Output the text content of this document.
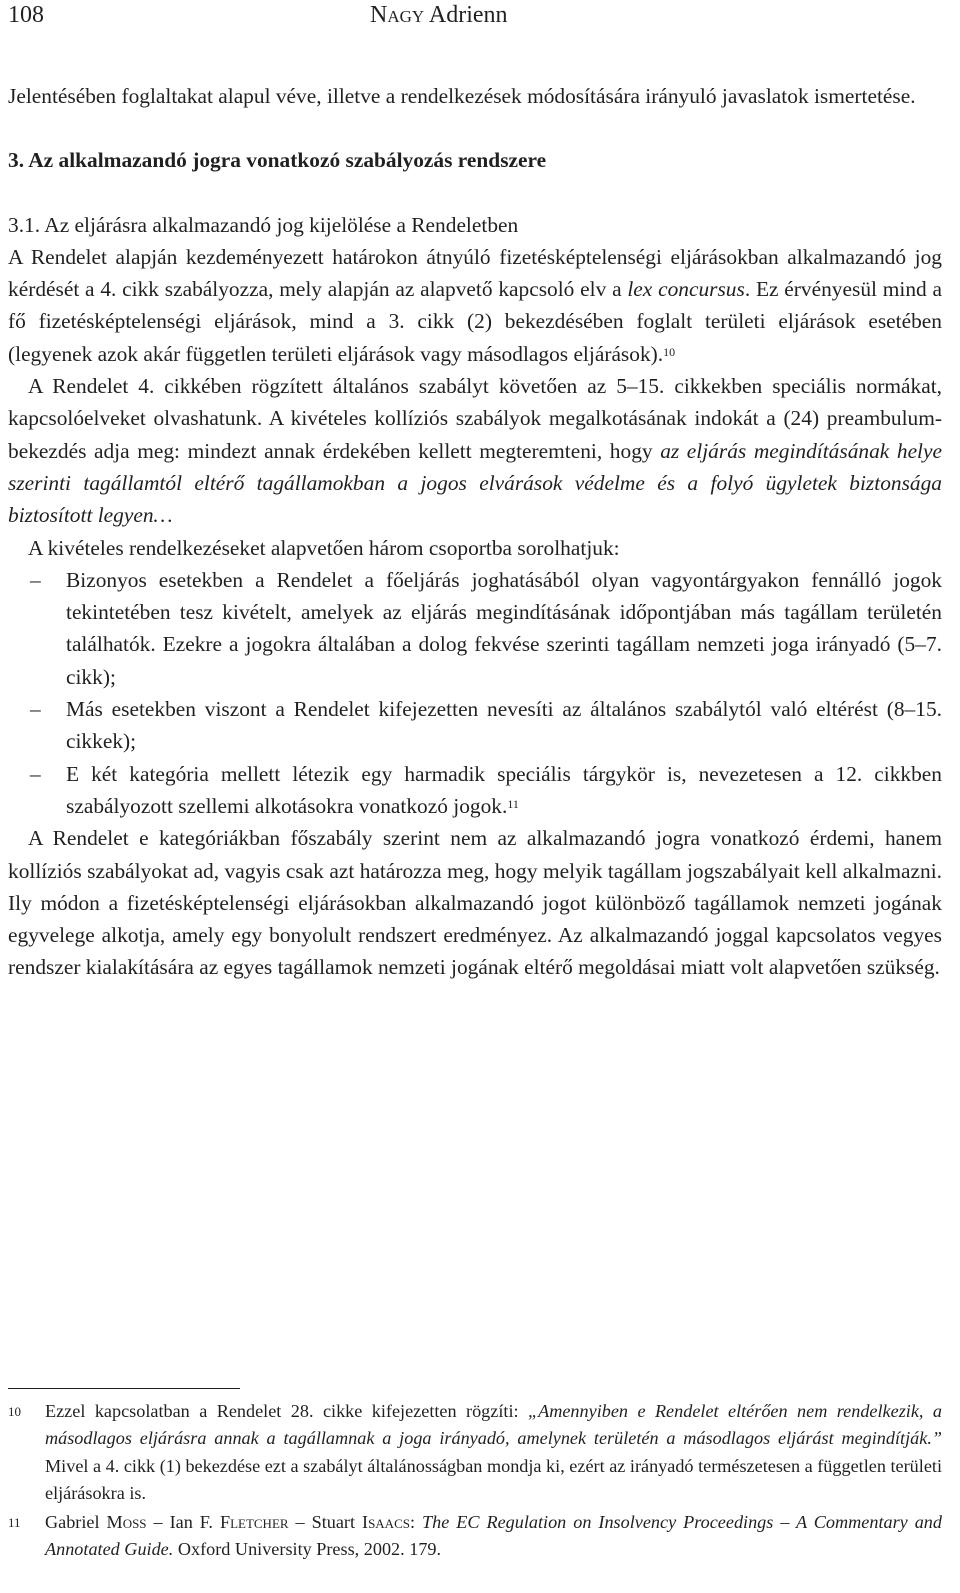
108	Nagy Adrienn

Jelentésében foglaltakat alapul véve, illetve a rendelkezések módosítására irányuló javaslatok ismertetése.

3. Az alkalmazandó jogra vonatkozó szabályozás rendszere
3.1. Az eljárásra alkalmazandó jog kijelölése a Rendeletben

A Rendelet alapján kezdeményezett határokon átnyúló fizetésképtelenségi eljárásokban alkalmazandó jog kérdését a 4. cikk szabályozza, mely alapján az alapvető kapcsoló elv a lex concursus. Ez érvényesül mind a fő fizetésképtelenségi eljárások, mind a 3. cikk (2) bekezdésében foglalt területi eljárások esetében (legyenek azok akár független területi eljárások vagy másodlagos eljárások).$^{10}$

A Rendelet 4. cikkében rögzített általános szabályt követően az 5–15. cikkekben speciális normákat, kapcsolóelveket olvashatunk. A kivételes kollíziós szabályok megalkotásának indokát a (24) preambulum-bekezdés adja meg: mindezt annak érdekében kellett megteremteni, hogy az eljárás megindításának helye szerinti tagállamtól eltérő tagállamokban a jogos elvárások védelme és a folyó ügyletek biztonsága biztosított legyen…

A kivételes rendelkezéseket alapvetően három csoportba sorolhatjuk:

– Bizonyos esetekben a Rendelet a főeljárás joghatásából olyan vagyontárgyakon fennálló jogok tekintetében tesz kivételt, amelyek az eljárás megindításának időpontjában más tagállam területén találhatók. Ezekre a jogokra általában a dolog fekvése szerinti tagállam nemzeti joga irányadó (5–7. cikk);
– Más esetekben viszont a Rendelet kifejezetten nevesíti az általános szabálytól való eltérést (8–15. cikkek);
– E két kategória mellett létezik egy harmadik speciális tárgykör is, nevezetesen a 12. cikkben szabályozott szellemi alkotásokra vonatkozó jogok.$^{11}$

A Rendelet e kategóriákban főszabály szerint nem az alkalmazandó jogra vonatkozó érdemi, hanem kollíziós szabályokat ad, vagyis csak azt határozza meg, hogy melyik tagállam jogszabályait kell alkalmazni. Ily módon a fizetésképtelenségi eljárásokban alkalmazandó jogot különböző tagállamok nemzeti jogának egyvelege alkotja, amely egy bonyolult rendszert eredményez. Az alkalmazandó joggal kapcsolatos vegyes rendszer kialakítására az egyes tagállamok nemzeti jogának eltérő megoldásai miatt volt alapvetően szükség.

10 Ezzel kapcsolatban a Rendelet 28. cikke kifejezetten rögzíti: „Amennyiben e Rendelet eltérően nem rendelkezik, a másodlagos eljárásra annak a tagállamnak a joga irányadó, amelynek területén a másodlagos eljárást megindítják.” Mivel a 4. cikk (1) bekezdése ezt a szabályt általánosságban mondja ki, ezért az irányadó természetesen a független területi eljárásokra is.

11 Gabriel Moss – Ian F. Fletcher – Stuart Isaacs: The EC Regulation on Insolvency Proceedings – A Commentary and Annotated Guide. Oxford University Press, 2002. 179.
